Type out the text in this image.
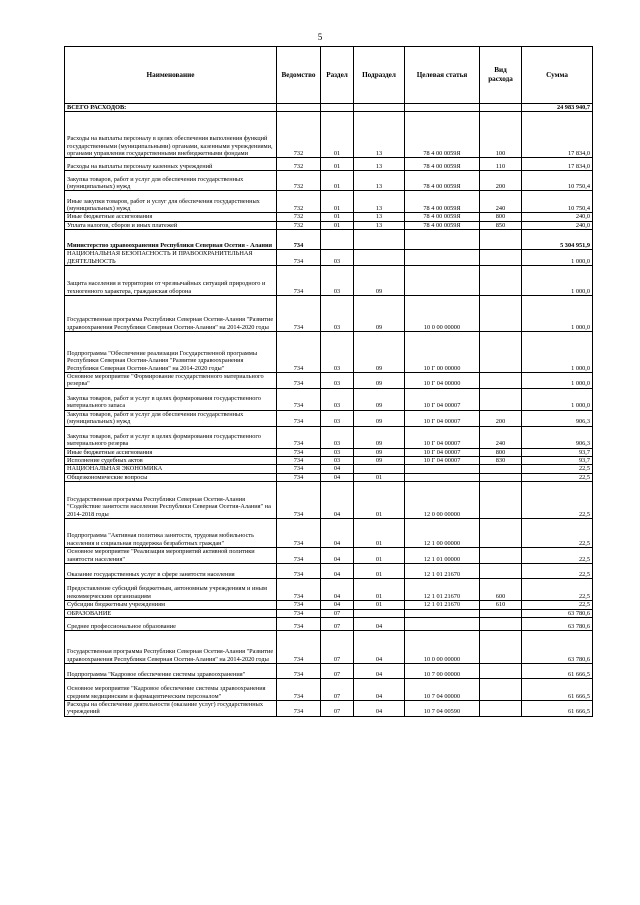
5
Наименование	Ведомство	Раздел	Подраздел	Целевая статья	Вид расхода	Сумма
ВСЕГО РАСХОДОВ:						24 983 940,7
Расходы на выплаты персоналу в целях обеспечения выполнения функций государственными (муниципальными) органами, казенными учреждениями, органами управления государственными внебюджетными фондами	732	01	13	78 4 00 0059Я	100	17 834,0
Расходы на выплаты персоналу казенных учреждений	732	01	13	78 4 00 0059Я	110	17 834,0
Закупка товаров, работ и услуг для обеспечения государственных (муниципальных) нужд	732	01	13	78 4 00 0059Я	200	10 750,4
Иные закупки товаров, работ и услуг для обеспечения государственных (муниципальных) нужд	732	01	13	78 4 00 0059Я	240	10 750,4
Иные бюджетные ассигнования	732	01	13	78 4 00 0059Я	800	240,0
Уплата налогов, сборов и иных платежей	732	01	13	78 4 00 0059Я	850	240,0
Министерство здравоохранения Республики Северная Осетия - Алания	734					5 304 951,9
НАЦИОНАЛЬНАЯ БЕЗОПАСНОСТЬ И ПРАВООХРАНИТЕЛЬНАЯ ДЕЯТЕЛЬНОСТЬ	734	03				1 000,0
Защита населения и территории от чрезвычайных ситуаций природного и техногенного характера, гражданская оборона	734	03	09			1 000,0
Государственная программа Республики Северная Осетия-Алания "Развитие здравоохранения Республики Северная Осетия-Алания" на 2014-2020 годы	734	03	09	10 0 00 00000		1 000,0
Подпрограмма "Обеспечение реализации Государственной программы Республики Северная Осетия-Алания "Развитие здравоохранения Республики Северная Осетия-Алания" на 2014-2020 годы"	734	03	09	10 Г 00 00000		1 000,0
Основное мероприятие "Формирование государственного материального резерва"	734	03	09	10 Г 04 00000		1 000,0
Закупка товаров, работ и услуг в целях формирования государственного материального запаса	734	03	09	10 Г 04 00007		1 000,0
Закупка товаров, работ и услуг для обеспечения государственных (муниципальных) нужд	734	03	09	10 Г 04 00007	200	906,3
Закупка товаров, работ и услуг в целях формирования государственного материального резерва	734	03	09	10 Г 04 00007	240	906,3
Иные бюджетные ассигнования	734	03	09	10 Г 04 00007	800	93,7
Исполнение судебных актов	734	03	09	10 Г 04 00007	830	93,7
НАЦИОНАЛЬНАЯ ЭКОНОМИКА	734	04				22,5
Общеэкономические вопросы	734	04	01			22,5
Государственная программа Республики Северная Осетия-Алания "Содействие занятости населения Республики Северная Осетия-Алания" на 2014-2018 годы	734	04	01	12 0 00 00000		22,5
Подпрограмма "Активная политика занятости, трудовая мобильность населения и социальная поддержка безработных граждан"	734	04	01	12 1 00 00000		22,5
Основное мероприятие "Реализация мероприятий активной политики занятости населения"	734	04	01	12 1 01 00000		22,5
Оказание государственных услуг в сфере занятости населения	734	04	01	12 1 01 21670		22,5
Предоставление субсидий бюджетным, автономным учреждениям и иным некоммерческим организациям	734	04	01	12 1 01 21670	600	22,5
Субсидии бюджетным учреждениям	734	04	01	12 1 01 21670	610	22,5
ОБРАЗОВАНИЕ	734	07				63 780,6
Среднее профессиональное образование	734	07	04			63 780,6
Государственная программа Республики Северная Осетия-Алания "Развитие здравоохранения Республики Северная Осетия-Алания" на 2014-2020 годы	734	07	04	10 0 00 00000		63 780,6
Подпрограмма "Кадровое обеспечение системы здравоохранения"	734	07	04	10 7 00 00000		61 666,5
Основное мероприятие "Кадровое обеспечение системы здравоохранения средним медицинским и фармацевтическим персоналом"	734	07	04	10 7 04 00000		61 666,5
Расходы на обеспечение деятельности (оказание услуг) государственных учреждений	734	07	04	10 7 04 00590		61 666,5
